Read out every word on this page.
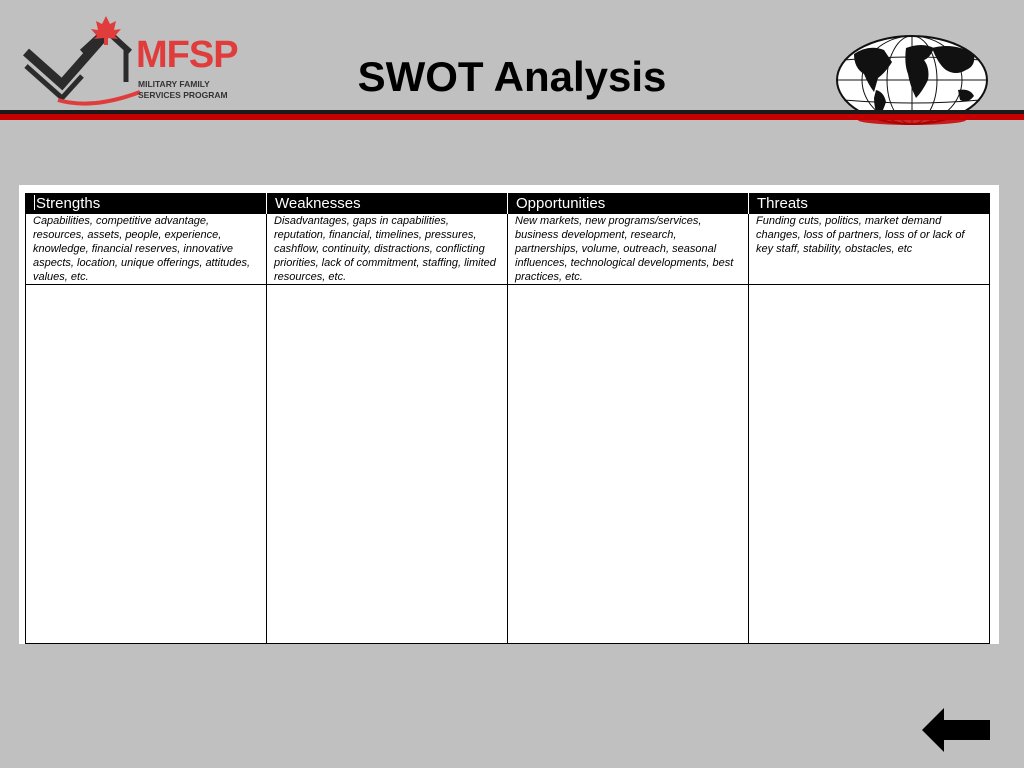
MFSP
MILITARY FAMILY
SERVICES PROGRAM	SWOT Analysis
Strengths	Weaknesses	Opportunities	Threats
Capabilities, competitive advantage, resources, assets, people, experience, knowledge, financial reserves, innovative aspects, location, unique offerings, attitudes, values, etc.	Disadvantages, gaps in capabilities, reputation, financial, timelines, pressures, cashflow, continuity, distractions, conflicting priorities, lack of commitment, staffing, limited resources, etc.	New markets, new programs/services, business development, research, partnerships, volume, outreach, seasonal influences, technological developments, best practices, etc.	Funding cuts, politics, market demand changes, loss of partners, loss of or lack of key staff, stability, obstacles, etc
